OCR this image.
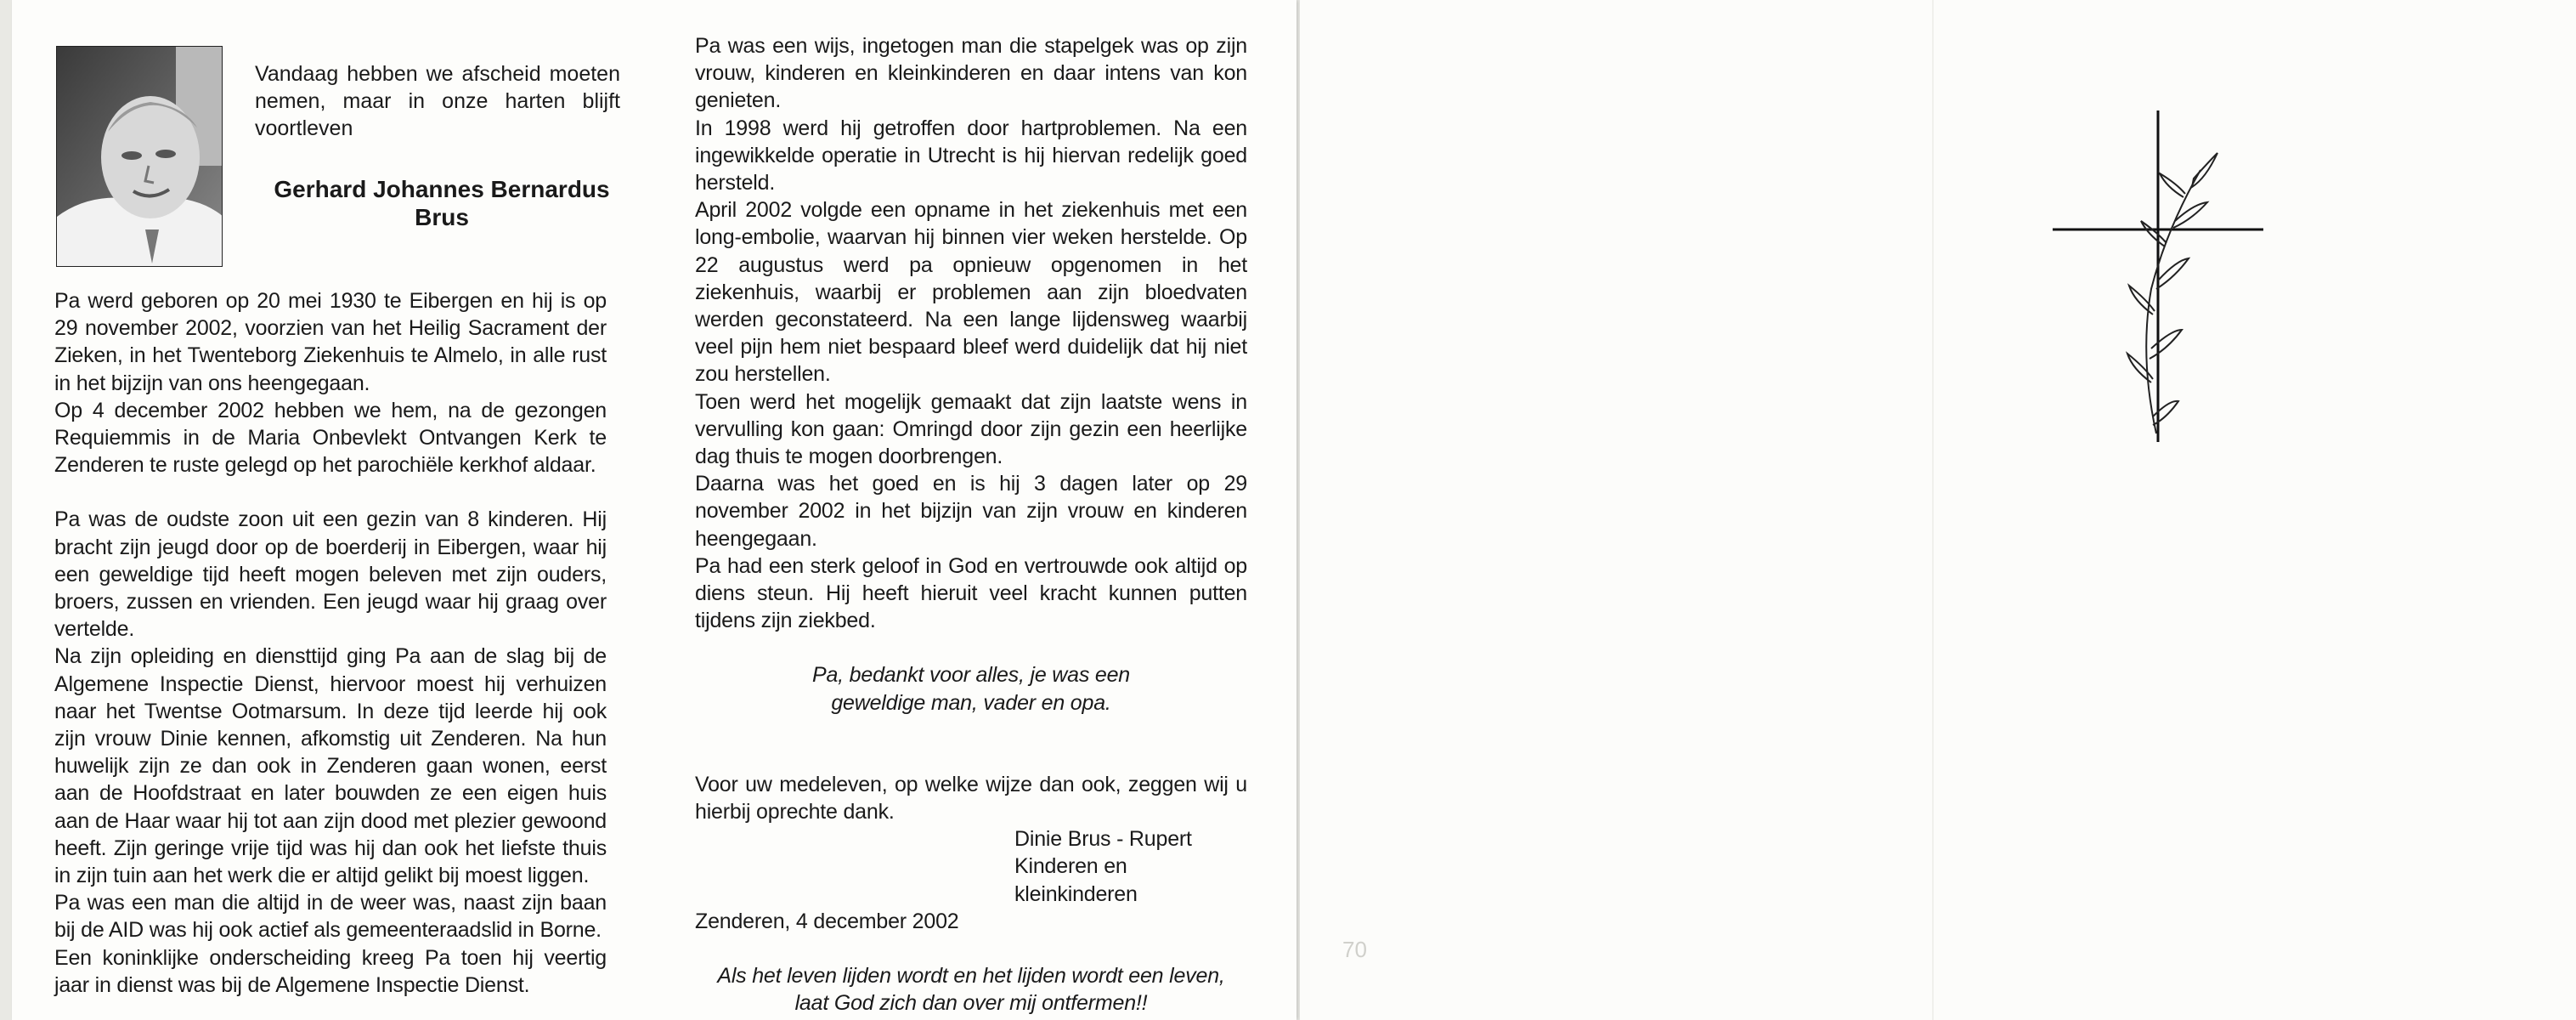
Vandaag hebben we afscheid moeten nemen, maar in onze harten blijft voortleven

Gerhard Johannes Bernardus
Brus

Pa werd geboren op 20 mei 1930 te Eibergen en hij is op 29 november 2002, voorzien van het Heilig Sacrament der Zieken, in het Twenteborg Ziekenhuis te Almelo, in alle rust in het bijzijn van ons heengegaan.

Op 4 december 2002 hebben we hem, na de gezongen Requiemmis in de Maria Onbevlekt Ontvangen Kerk te Zenderen te ruste gelegd op het parochiële kerkhof aldaar.

Pa was de oudste zoon uit een gezin van 8 kinderen. Hij bracht zijn jeugd door op de boerderij in Eibergen, waar hij een geweldige tijd heeft mogen beleven met zijn ouders, broers, zussen en vrienden. Een jeugd waar hij graag over vertelde.

Na zijn opleiding en diensttijd ging Pa aan de slag bij de Algemene Inspectie Dienst, hiervoor moest hij verhuizen naar het Twentse Ootmarsum. In deze tijd leerde hij ook zijn vrouw Dinie kennen, afkomstig uit Zenderen. Na hun huwelijk zijn ze dan ook in Zenderen gaan wonen, eerst aan de Hoofdstraat en later bouwden ze een eigen huis aan de Haar waar hij tot aan zijn dood met plezier gewoond heeft. Zijn geringe vrije tijd was hij dan ook het liefste thuis in zijn tuin aan het werk die er altijd gelikt bij moest liggen.

Pa was een man die altijd in de weer was, naast zijn baan bij de AID was hij ook actief als gemeenteraadslid in Borne.

Een koninklijke onderscheiding kreeg Pa toen hij veertig jaar in dienst was bij de Algemene Inspectie Dienst.

Pa was een wijs, ingetogen man die stapelgek was op zijn vrouw, kinderen en kleinkinderen en daar intens van kon genieten.

In 1998 werd hij getroffen door hartproblemen. Na een ingewikkelde operatie in Utrecht is hij hiervan redelijk goed hersteld.

April 2002 volgde een opname in het ziekenhuis met een long-embolie, waarvan hij binnen vier weken herstelde. Op 22 augustus werd pa opnieuw opgenomen in het ziekenhuis, waarbij er problemen aan zijn bloedvaten werden geconstateerd. Na een lange lijdensweg waarbij veel pijn hem niet bespaard bleef werd duidelijk dat hij niet zou herstellen.

Toen werd het mogelijk gemaakt dat zijn laatste wens in vervulling kon gaan: Omringd door zijn gezin een heerlijke dag thuis te mogen doorbrengen.

Daarna was het goed en is hij 3 dagen later op 29 november 2002 in het bijzijn van zijn vrouw en kinderen heengegaan.

Pa had een sterk geloof in God en vertrouwde ook altijd op diens steun. Hij heeft hieruit veel kracht kunnen putten tijdens zijn ziekbed.

Pa, bedankt voor alles, je was een

geweldige man, vader en opa.

Voor uw medeleven, op welke wijze dan ook, zeggen wij u hierbij oprechte dank.

Dinie Brus - Rupert

Kinderen en kleinkinderen

Zenderen, 4 december 2002

Als het leven lijden wordt en het lijden wordt een leven,

laat God zich dan over mij ontfermen!!

70
